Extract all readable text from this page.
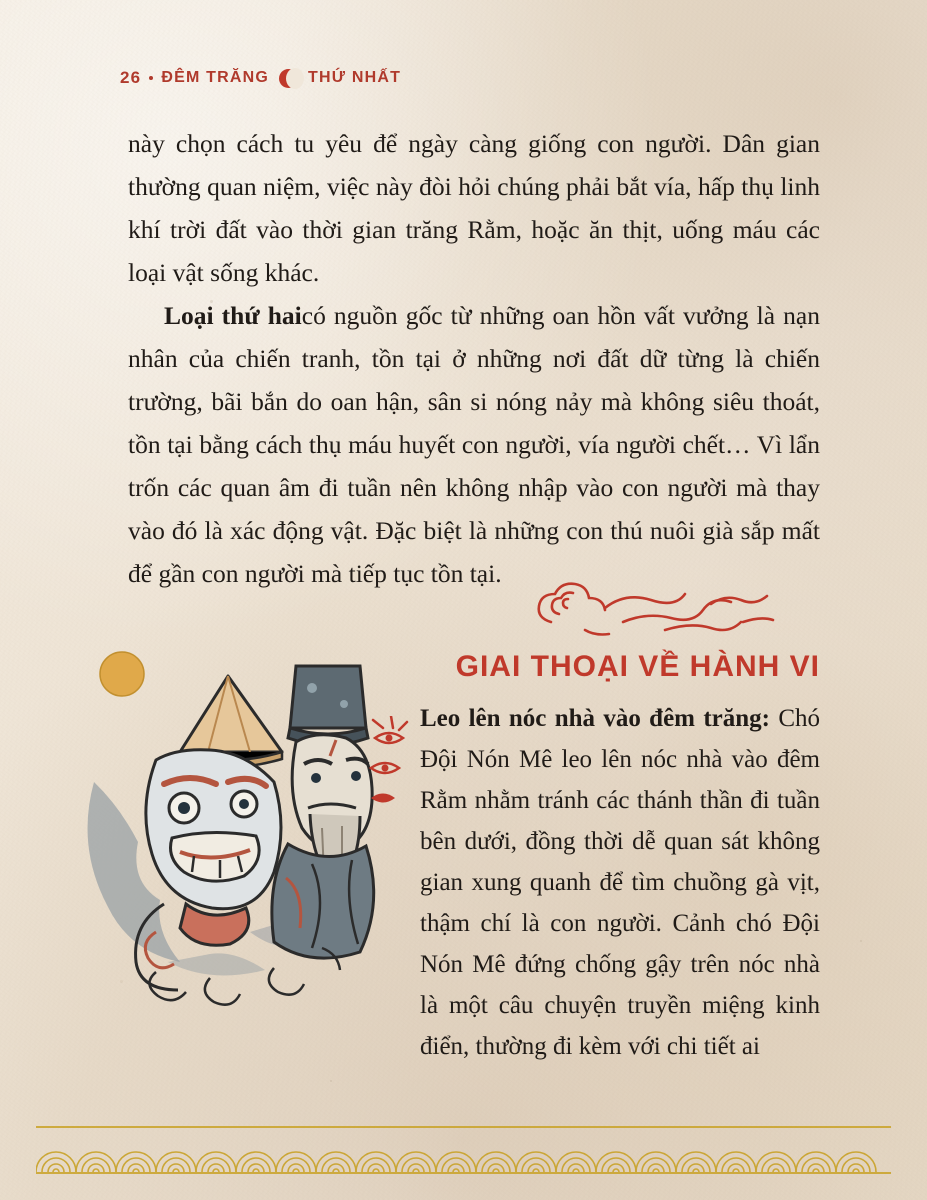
26 ĐÊM TRĂNG THỨ NHẤT

này chọn cách tu yêu để ngày càng giống con người. Dân gian thường quan niệm, việc này đòi hỏi chúng phải bắt vía, hấp thụ linh khí trời đất vào thời gian trăng Rằm, hoặc ăn thịt, uống máu các loại vật sống khác.

Loại thứ haicó nguồn gốc từ những oan hồn vất vưởng là nạn nhân của chiến tranh, tồn tại ở những nơi đất dữ từng là chiến trường, bãi bắn do oan hận, sân si nóng nảy mà không siêu thoát, tồn tại bằng cách thụ máu huyết con người, vía người chết… Vì lẩn trốn các quan âm đi tuần nên không nhập vào con người mà thay vào đó là xác động vật. Đặc biệt là những con thú nuôi già sắp mất để gần con người mà tiếp tục tồn tại.

GIAI THOẠI VỀ HÀNH VI

Leo lên nóc nhà vào đêm trăng: Chó Đội Nón Mê leo lên nóc nhà vào đêm Rằm nhằm tránh các thánh thần đi tuần bên dưới, đồng thời dễ quan sát không gian xung quanh để tìm chuồng gà vịt, thậm chí là con người. Cảnh chó Đội Nón Mê đứng chống gậy trên nóc nhà là một câu chuyện truyền miệng kinh điển, thường đi kèm với chi tiết ai
